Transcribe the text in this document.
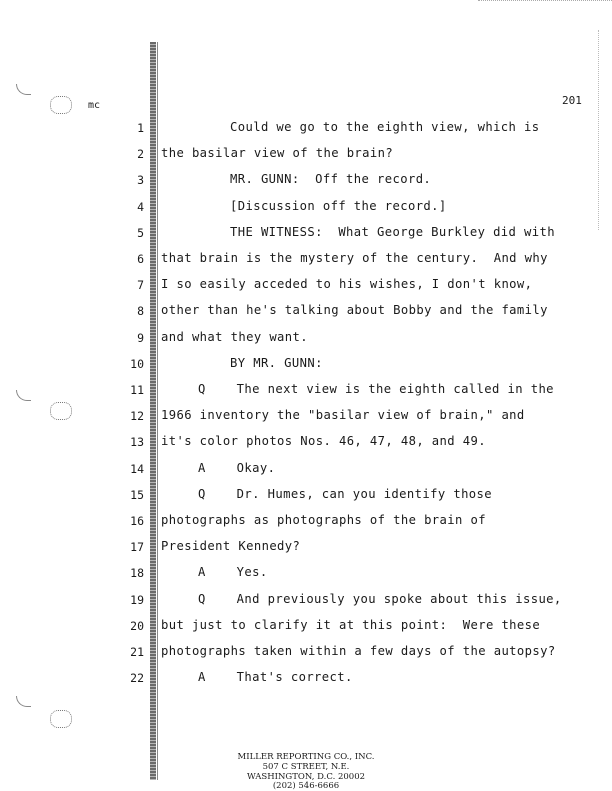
mc	201
1	Could we go to the eighth view, which is
2 the basilar view of the brain?
3	MR. GUNN:  Off the record.
4	[Discussion off the record.]
5	THE WITNESS:  What George Burkley did with
6 that brain is the mystery of the century.  And why
7 I so easily acceded to his wishes, I don't know,
8 other than he's talking about Bobby and the family
9 and what they want.
10	BY MR. GUNN:
11	Q    The next view is the eighth called in the
12 1966 inventory the "basilar view of brain," and
13 it's color photos Nos. 46, 47, 48, and 49.
14	A    Okay.
15	Q    Dr. Humes, can you identify those
16 photographs as photographs of the brain of
17 President Kennedy?
18	A    Yes.
19	Q    And previously you spoke about this issue,
20 but just to clarify it at this point:  Were these
21 photographs taken within a few days of the autopsy?
22	A    That's correct.
MILLER REPORTING CO., INC.
507 C STREET, N.E.
WASHINGTON, D.C. 20002
(202) 546-6666
